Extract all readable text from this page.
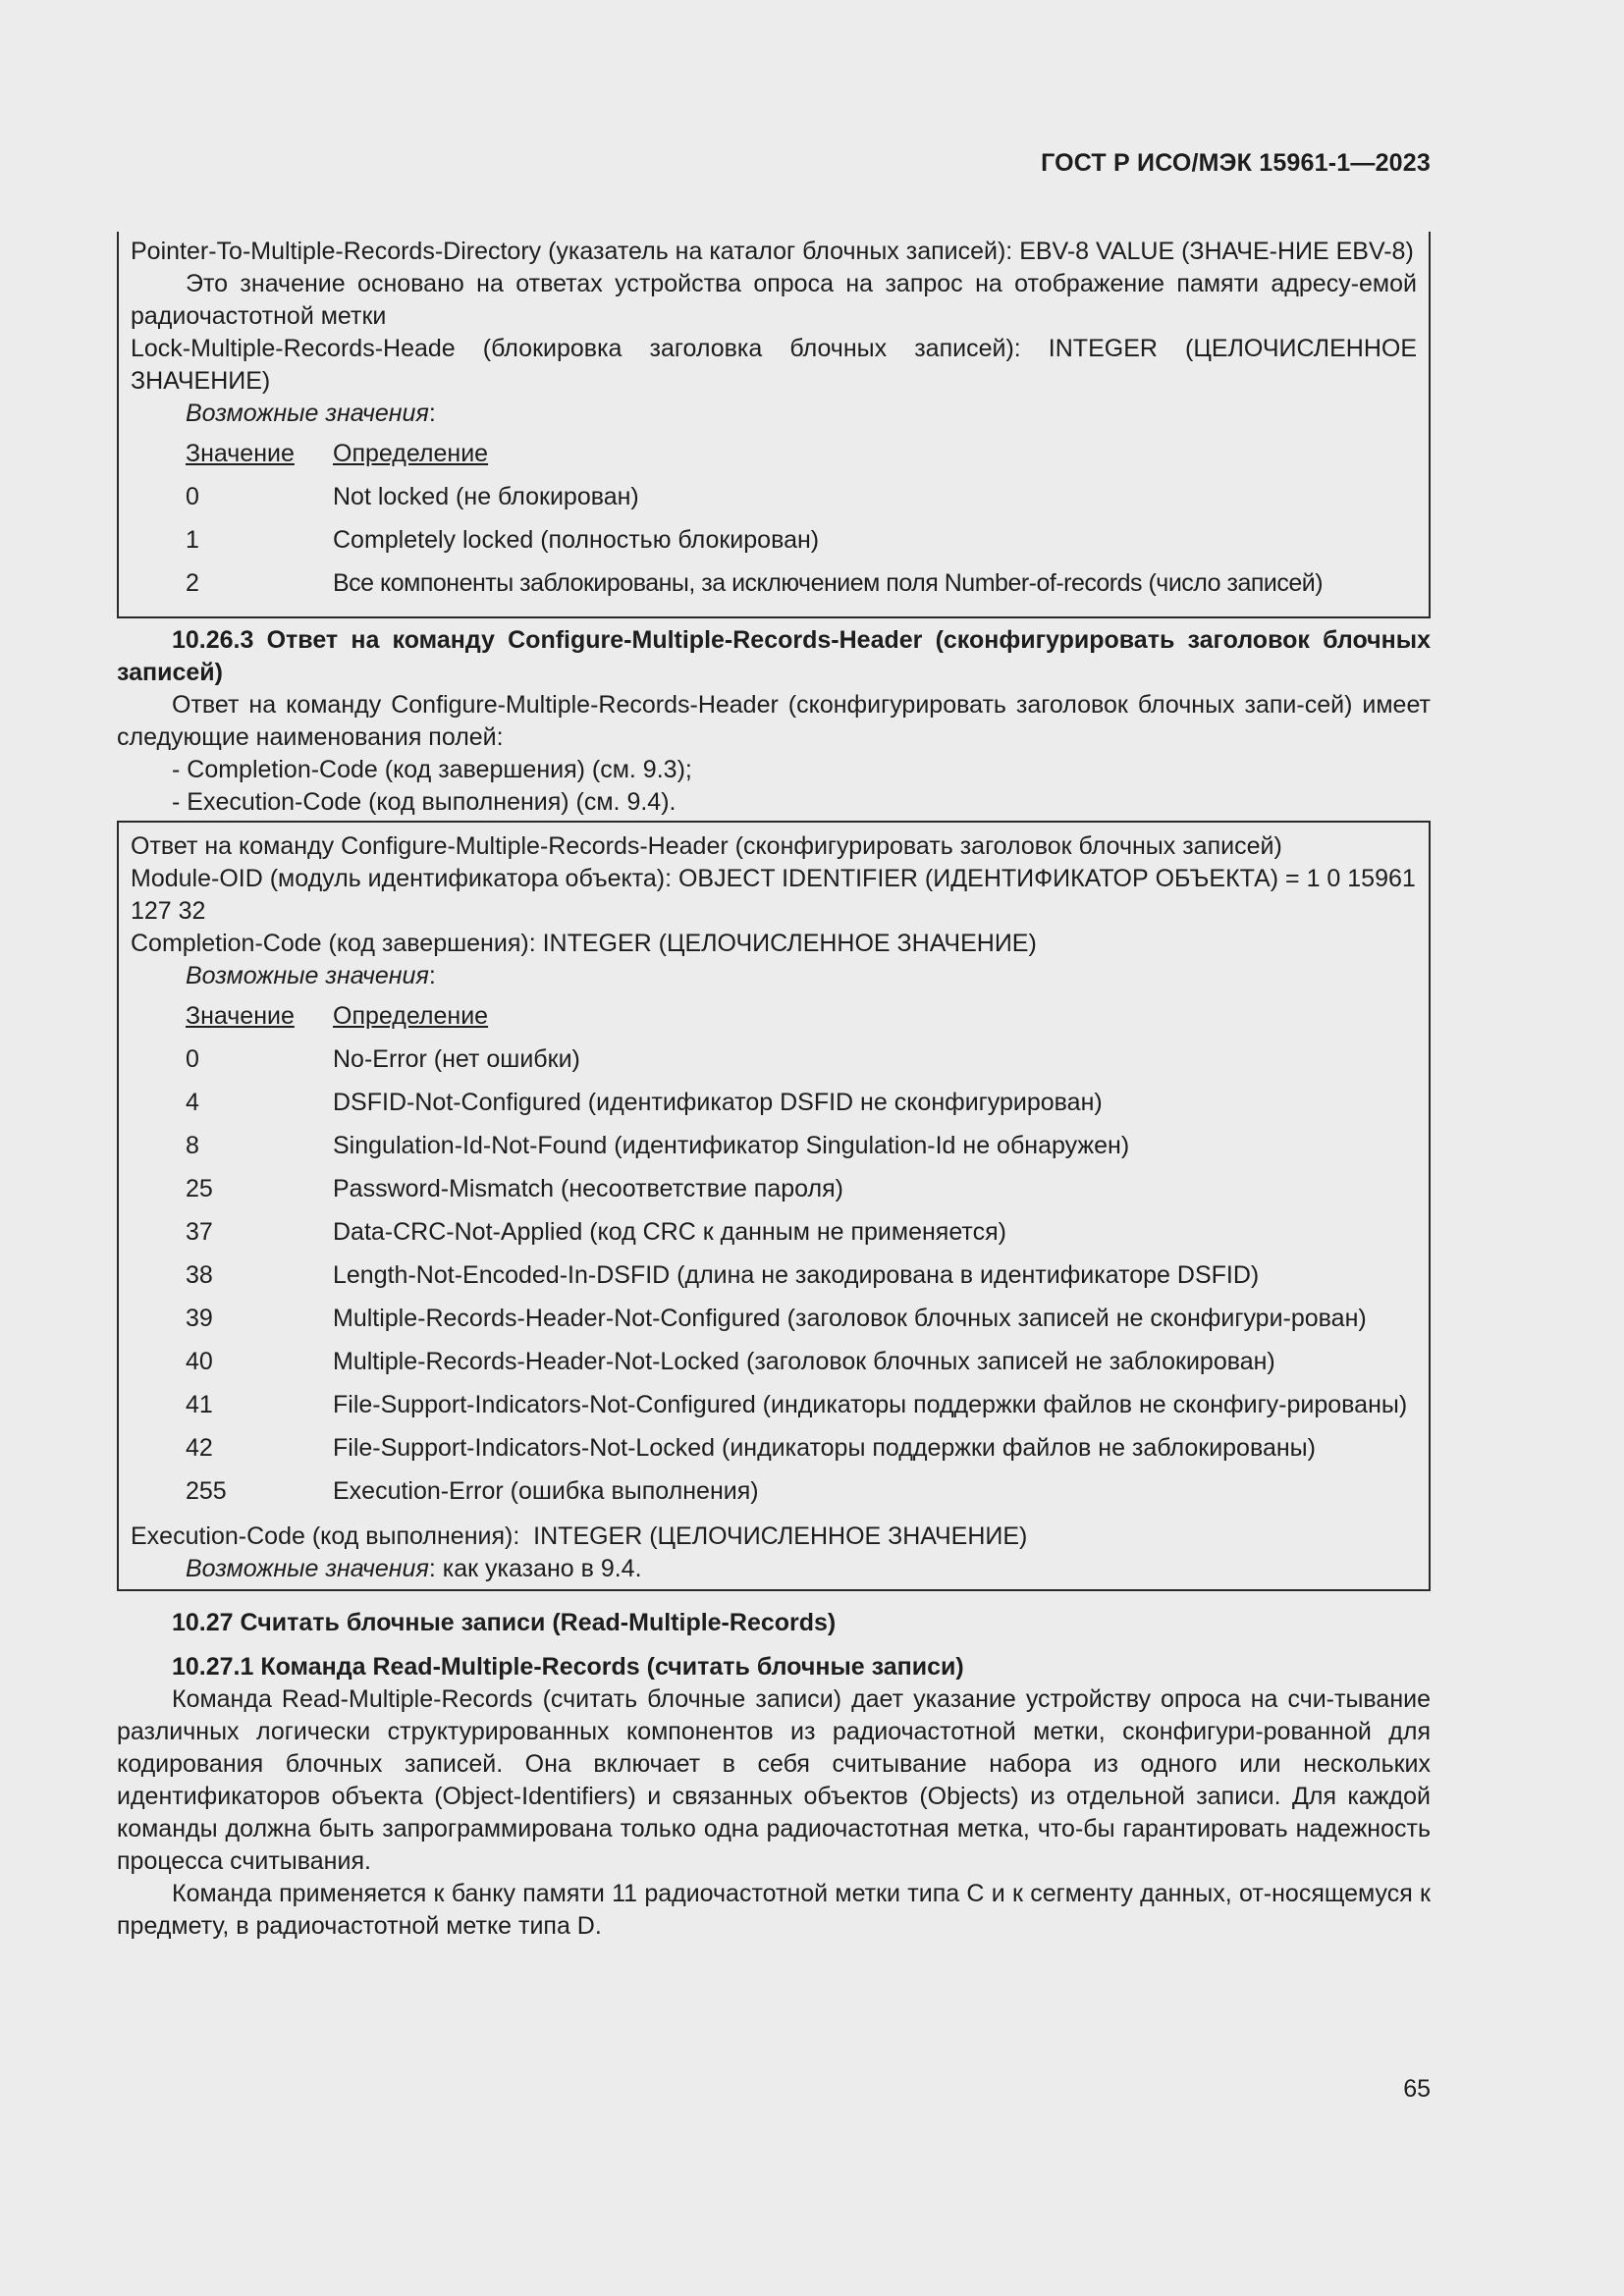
ГОСТ Р ИСО/МЭК 15961-1—2023

Pointer-To-Multiple-Records-Directory (указатель на каталог блочных записей): EBV-8 VALUE (ЗНАЧЕ-НИЕ EBV-8)

Это значение основано на ответах устройства опроса на запрос на отображение памяти адресу-емой радиочастотной метки

Lock-Multiple-Records-Heade (блокировка заголовка блочных записей): INTEGER (ЦЕЛОЧИСЛЕННОЕ ЗНАЧЕНИЕ)

Возможные значения:

Значение	Определение
0	Not locked (не блокирован)
1	Completely locked (полностью блокирован)
2	Все компоненты заблокированы, за исключением поля Number-of-records (число записей)

10.26.3 Ответ на команду Configure-Multiple-Records-Header (сконфигурировать заголовок блочных записей)

Ответ на команду Configure-Multiple-Records-Header (сконфигурировать заголовок блочных запи-сей) имеет следующие наименования полей:

- Completion-Code (код завершения) (см. 9.3);

- Execution-Code (код выполнения) (см. 9.4).

Ответ на команду Configure-Multiple-Records-Header (сконфигурировать заголовок блочных записей)

Module-OID (модуль идентификатора объекта): OBJECT IDENTIFIER (ИДЕНТИФИКАТОР ОБЪЕКТА) = 1 0 15961 127 32

Completion-Code (код завершения): INTEGER (ЦЕЛОЧИСЛЕННОЕ ЗНАЧЕНИЕ)

Возможные значения:

Значение	Определение
0	No-Error (нет ошибки)
4	DSFID-Not-Configured (идентификатор DSFID не сконфигурирован)
8	Singulation-Id-Not-Found (идентификатор Singulation-Id не обнаружен)
25	Password-Mismatch (несоответствие пароля)
37	Data-CRC-Not-Applied (код CRC к данным не применяется)
38	Length-Not-Encoded-In-DSFID (длина не закодирована в идентификаторе DSFID)
39	Multiple-Records-Header-Not-Configured (заголовок блочных записей не сконфигури-рован)
40	Multiple-Records-Header-Not-Locked (заголовок блочных записей не заблокирован)
41	File-Support-Indicators-Not-Configured (индикаторы поддержки файлов не сконфигу-рированы)
42	File-Support-Indicators-Not-Locked (индикаторы поддержки файлов не заблокированы)
255	Execution-Error (ошибка выполнения)

Execution-Code (код выполнения):  INTEGER (ЦЕЛОЧИСЛЕННОЕ ЗНАЧЕНИЕ)

Возможные значения: как указано в 9.4.

10.27 Считать блочные записи (Read-Multiple-Records)

10.27.1 Команда Read-Multiple-Records (считать блочные записи)

Команда Read-Multiple-Records (считать блочные записи) дает указание устройству опроса на счи-тывание различных логически структурированных компонентов из радиочастотной метки, сконфигури-рованной для кодирования блочных записей. Она включает в себя считывание набора из одного или нескольких идентификаторов объекта (Object-Identifiers) и связанных объектов (Objects) из отдельной записи. Для каждой команды должна быть запрограммирована только одна радиочастотная метка, что-бы гарантировать надежность процесса считывания.

Команда применяется к банку памяти 11 радиочастотной метки типа С и к сегменту данных, от-носящемуся к предмету, в радиочастотной метке типа D.

65
